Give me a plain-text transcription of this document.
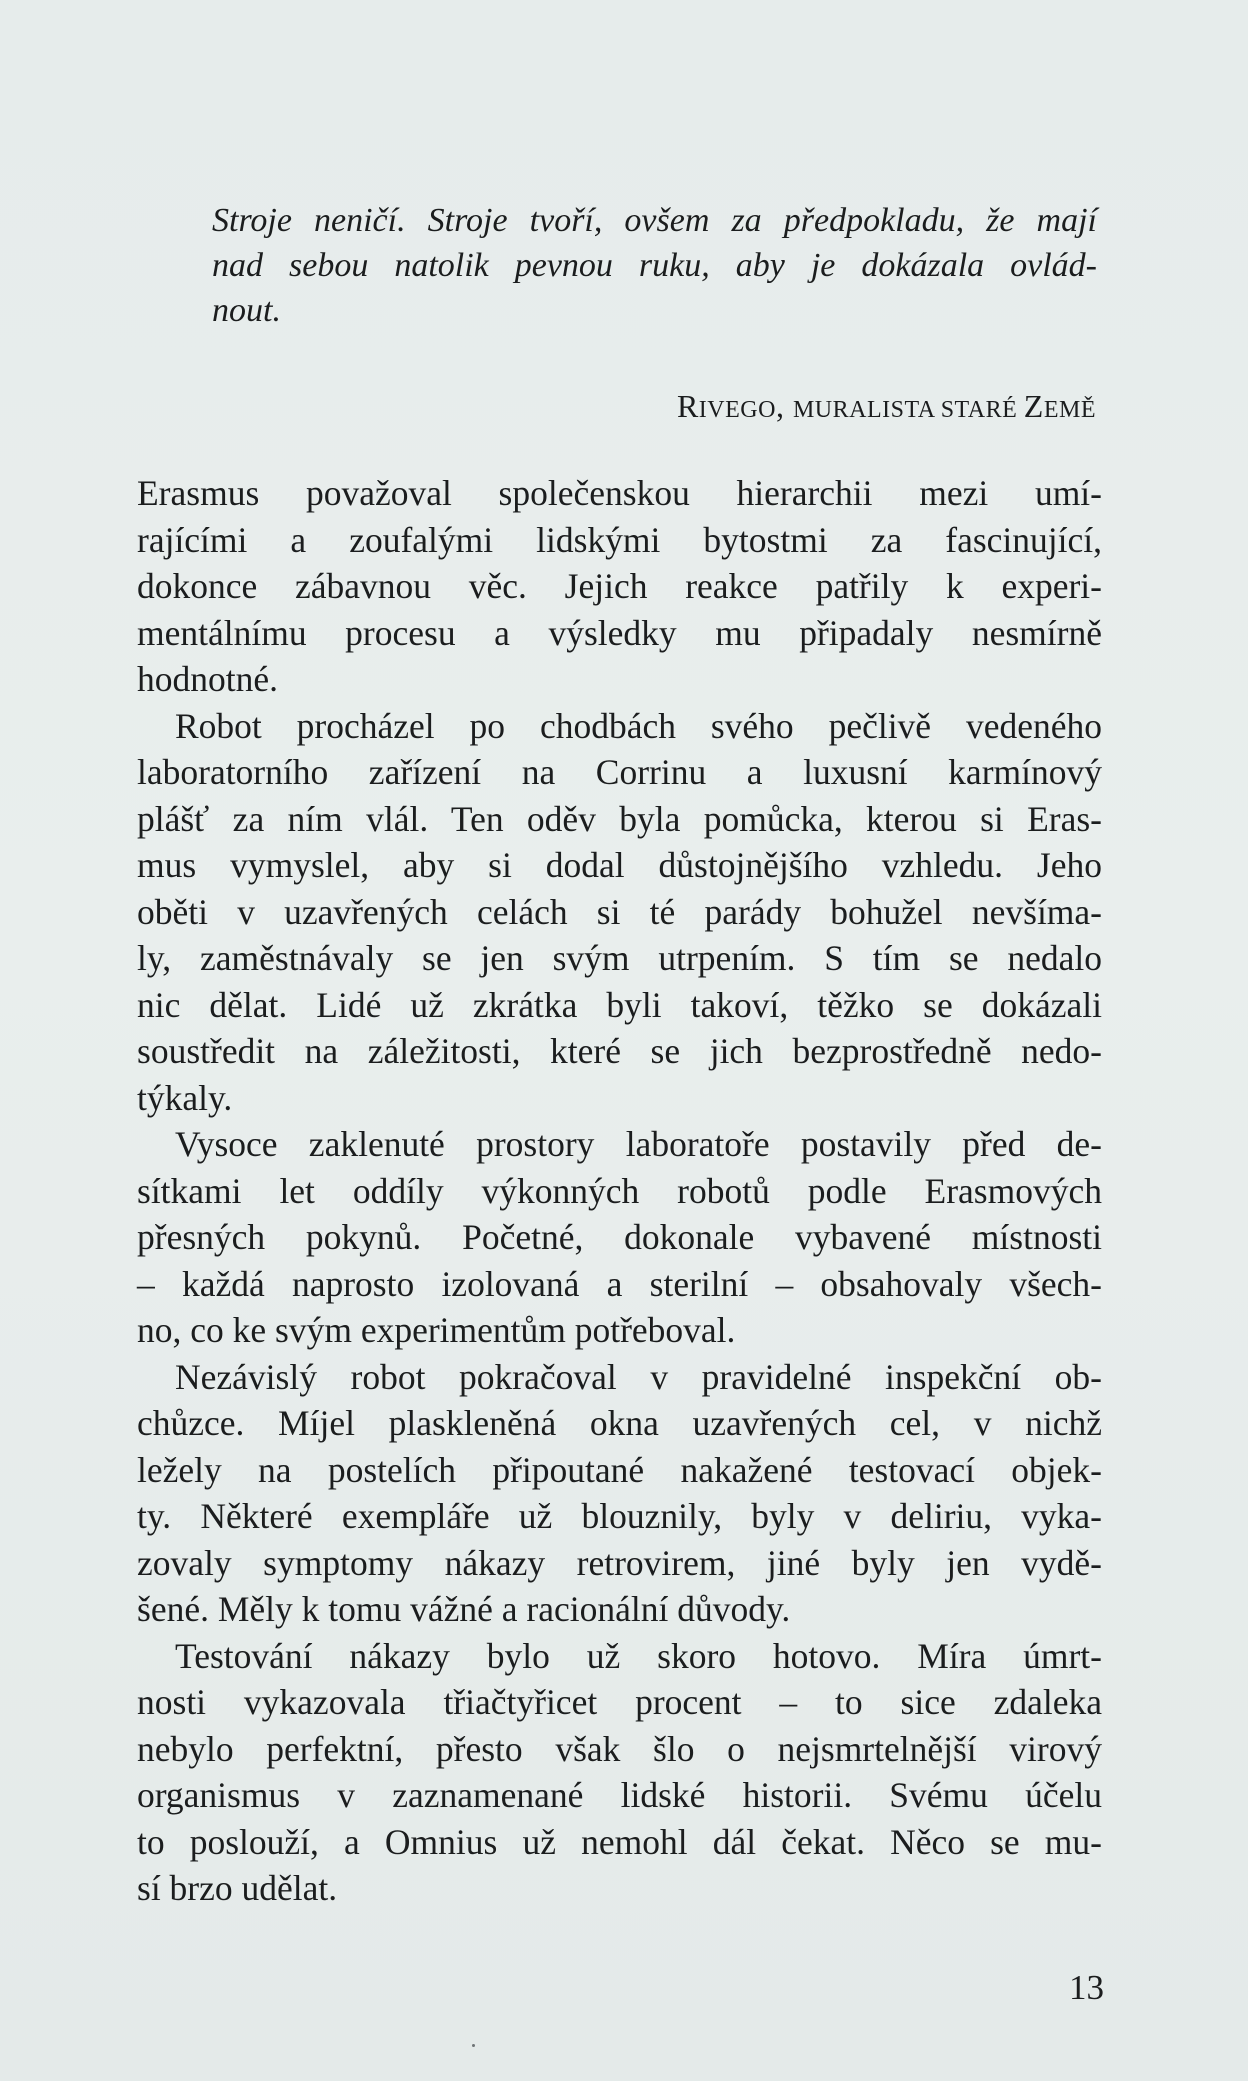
Stroje neničí. Stroje tvoří, ovšem za předpokladu, že mají
nad sebou natolik pevnou ruku, aby je dokázala ovlád-
nout.
RIVEGO, MURALISTA STARÉ ZEMĚ
Erasmus považoval společenskou hierarchii mezi umí-
rajícími a zoufalými lidskými bytostmi za fascinující,
dokonce zábavnou věc. Jejich reakce patřily k experi-
mentálnímu procesu a výsledky mu připadaly nesmírně
hodnotné.
Robot procházel po chodbách svého pečlivě vedeného
laboratorního zařízení na Corrinu a luxusní karmínový
plášť za ním vlál. Ten oděv byla pomůcka, kterou si Eras-
mus vymyslel, aby si dodal důstojnějšího vzhledu. Jeho
oběti v uzavřených celách si té parády bohužel nevšíma-
ly, zaměstnávaly se jen svým utrpením. S tím se nedalo
nic dělat. Lidé už zkrátka byli takoví, těžko se dokázali
soustředit na záležitosti, které se jich bezprostředně nedo-
týkaly.
Vysoce zaklenuté prostory laboratoře postavily před de-
sítkami let oddíly výkonných robotů podle Erasmových
přesných pokynů. Početné, dokonale vybavené místnosti
– každá naprosto izolovaná a sterilní – obsahovaly všech-
no, co ke svým experimentům potřeboval.
Nezávislý robot pokračoval v pravidelné inspekční ob-
chůzce. Míjel plaskleněná okna uzavřených cel, v nichž
ležely na postelích připoutané nakažené testovací objek-
ty. Některé exempláře už blouznily, byly v deliriu, vyka-
zovaly symptomy nákazy retrovirem, jiné byly jen vydě-
šené. Měly k tomu vážné a racionální důvody.
Testování nákazy bylo už skoro hotovo. Míra úmrt-
nosti vykazovala třiačtyřicet procent – to sice zdaleka
nebylo perfektní, přesto však šlo o nejsmrtelnější virový
organismus v zaznamenané lidské historii. Svému účelu
to poslouží, a Omnius už nemohl dál čekat. Něco se mu-
sí brzo udělat.
13
